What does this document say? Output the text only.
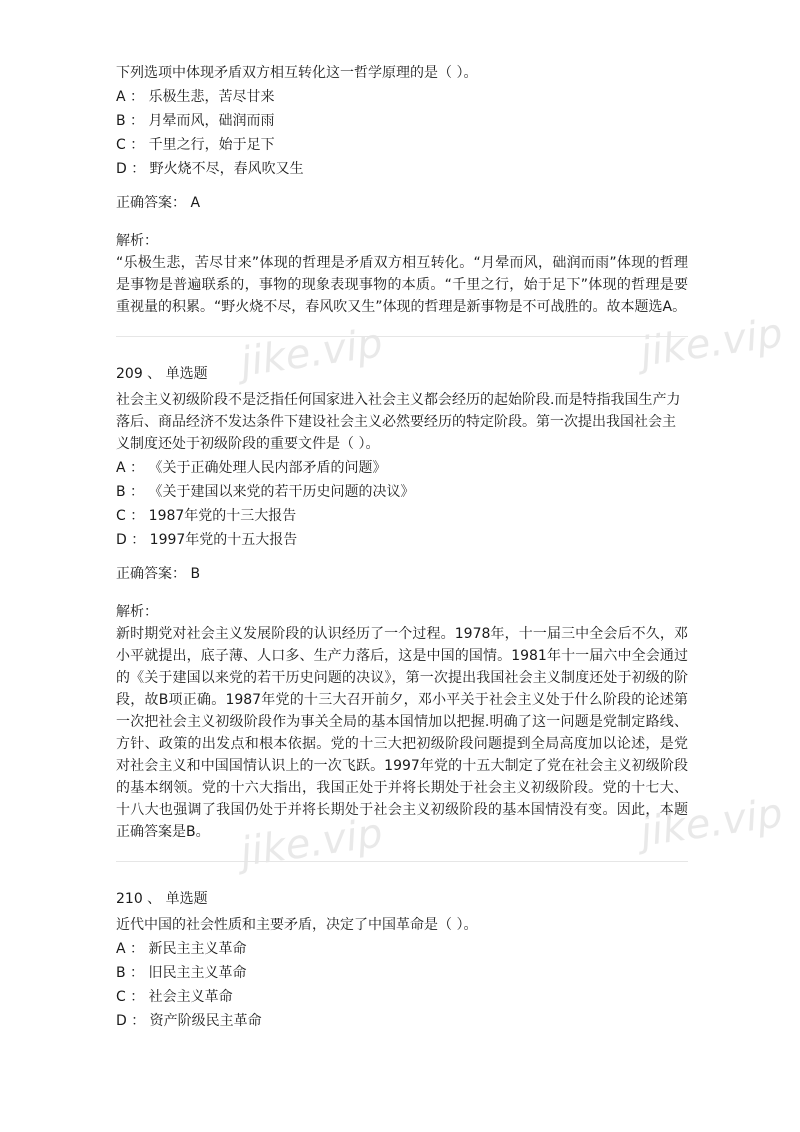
jike.vip	jike.vip
jike.vip	jike.vip
下列选项中体现矛盾双方相互转化这一哲学原理的是（ ）。
A ： 乐极生悲，苦尽甘来
B ： 月晕而风，础润而雨
C ： 千里之行，始于足下
D ： 野火烧不尽，春风吹又生
正确答案： A
解析：
“乐极生悲，苦尽甘来”体现的哲理是矛盾双方相互转化。“月晕而风，础润而雨”体现的哲理是事物是普遍联系的，事物的现象表现事物的本质。“千里之行，始于足下”体现的哲理是要重视量的积累。“野火烧不尽，春风吹又生”体现的哲理是新事物是不可战胜的。故本题选A。
209 、 单选题
社会主义初级阶段不是泛指任何国家进入社会主义都会经历的起始阶段.而是特指我国生产力落后、商品经济不发达条件下建设社会主义必然要经历的特定阶段。第一次提出我国社会主义制度还处于初级阶段的重要文件是（ ）。
A ： 《关于正确处理人民内部矛盾的问题》
B ： 《关于建国以来党的若干历史问题的决议》
C ： 1987年党的十三大报告
D ： 1997年党的十五大报告
正确答案： B
解析：
新时期党对社会主义发展阶段的认识经历了一个过程。1978年，十一届三中全会后不久，邓小平就提出，底子薄、人口多、生产力落后，这是中国的国情。1981年十一届六中全会通过的《关于建国以来党的若干历史问题的决议》，第一次提出我国社会主义制度还处于初级的阶段，故B项正确。1987年党的十三大召开前夕，邓小平关于社会主义处于什么阶段的论述第一次把社会主义初级阶段作为事关全局的基本国情加以把握.明确了这一问题是党制定路线、方针、政策的出发点和根本依据。党的十三大把初级阶段问题提到全局高度加以论述，是党对社会主义和中国国情认识上的一次飞跃。1997年党的十五大制定了党在社会主义初级阶段的基本纲领。党的十六大指出，我国正处于并将长期处于社会主义初级阶段。党的十七大、十八大也强调了我国仍处于并将长期处于社会主义初级阶段的基本国情没有变。因此，本题正确答案是B。
210 、 单选题
近代中国的社会性质和主要矛盾，决定了中国革命是（ ）。
A ： 新民主主义革命
B ： 旧民主主义革命
C ： 社会主义革命
D ： 资产阶级民主革命
